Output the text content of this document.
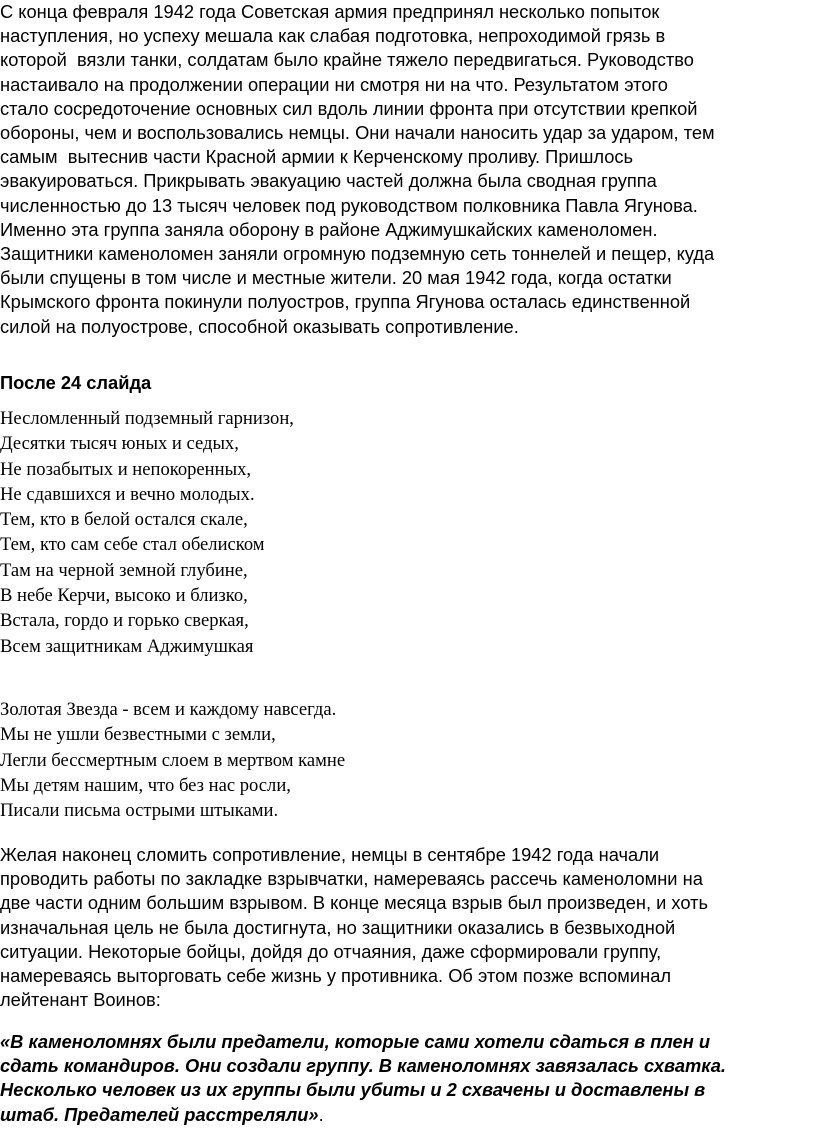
С конца февраля 1942 года Советская армия предпринял несколько попыток
наступления, но успеху мешала как слабая подготовка, непроходимой грязь в
которой  вязли танки, солдатам было крайне тяжело передвигаться. Руководство
настаивало на продолжении операции ни смотря ни на что. Результатом этого
стало сосредоточение основных сил вдоль линии фронта при отсутствии крепкой
обороны, чем и воспользовались немцы. Они начали наносить удар за ударом, тем
самым  вытеснив части Красной армии к Керченскому проливу. Пришлось
эвакуироваться. Прикрывать эвакуацию частей должна была сводная группа
численностью до 13 тысяч человек под руководством полковника Павла Ягунова.
Именно эта группа заняла оборону в районе Аджимушкайских каменоломен.
Защитники каменоломен заняли огромную подземную сеть тоннелей и пещер, куда
были спущены в том числе и местные жители. 20 мая 1942 года, когда остатки
Крымского фронта покинули полуостров, группа Ягунова осталась единственной
силой на полуострове, способной оказывать сопротивление.
После 24 слайда
Несломленный подземный гарнизон,
Десятки тысяч юных и седых,
Не позабытых и непокоренных,
Не сдавшихся и вечно молодых.
Тем, кто в белой остался скале,
Тем, кто сам себе стал обелиском
Там на черной земной глубине,
В небе Керчи, высоко и близко,
Встала, гордо и горько сверкая,
Всем защитникам Аджимушкая
Золотая Звезда - всем и каждому навсегда.
Мы не ушли безвестными с земли,
Легли бессмертным слоем в мертвом камне
Мы детям нашим, что без нас росли,
Писали письма острыми штыками.
Желая наконец сломить сопротивление, немцы в сентябре 1942 года начали
проводить работы по закладке взрывчатки, намереваясь рассечь каменоломни на
две части одним большим взрывом. В конце месяца взрыв был произведен, и хоть
изначальная цель не была достигнута, но защитники оказались в безвыходной
ситуации. Некоторые бойцы, дойдя до отчаяния, даже сформировали группу,
намереваясь выторговать себе жизнь у противника. Об этом позже вспоминал
лейтенант Воинов:
«В каменоломнях были предатели, которые сами хотели сдаться в плен и
сдать командиров. Они создали группу. В каменоломнях завязалась схватка.
Несколько человек из их группы были убиты и 2 схвачены и доставлены в
штаб. Предателей расстреляли».
